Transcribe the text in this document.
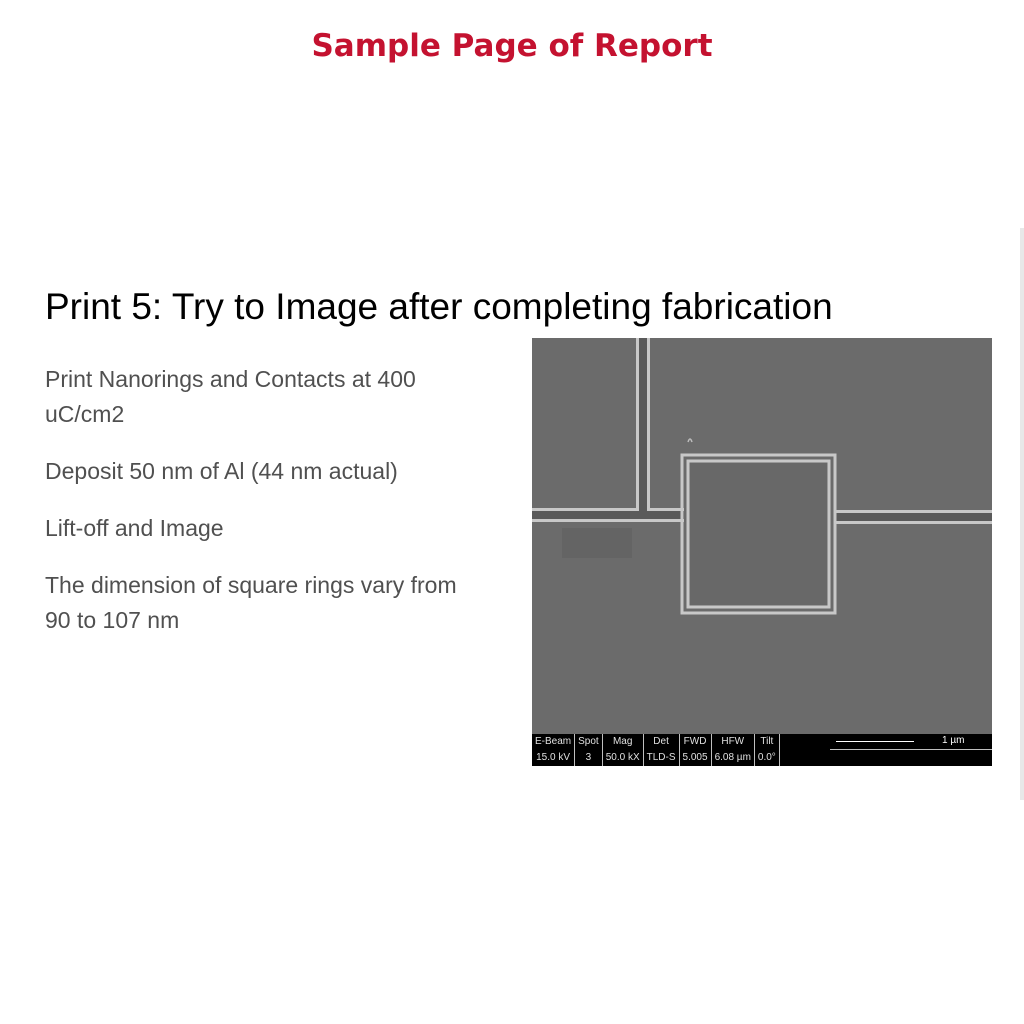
Sample Page of Report
Print 5: Try to Image after completing fabrication
Print Nanorings and Contacts at 400 uC/cm2
Deposit 50 nm of Al (44 nm actual)
Lift-off and Image
The dimension of square rings vary from 90 to 107 nm
E-Beam	Spot	Mag	Det	FWD	HFW	Tilt
15.0 kV	3	50.0 kX	TLD-S	5.005	6.08 µm	0.0°
1 µm
